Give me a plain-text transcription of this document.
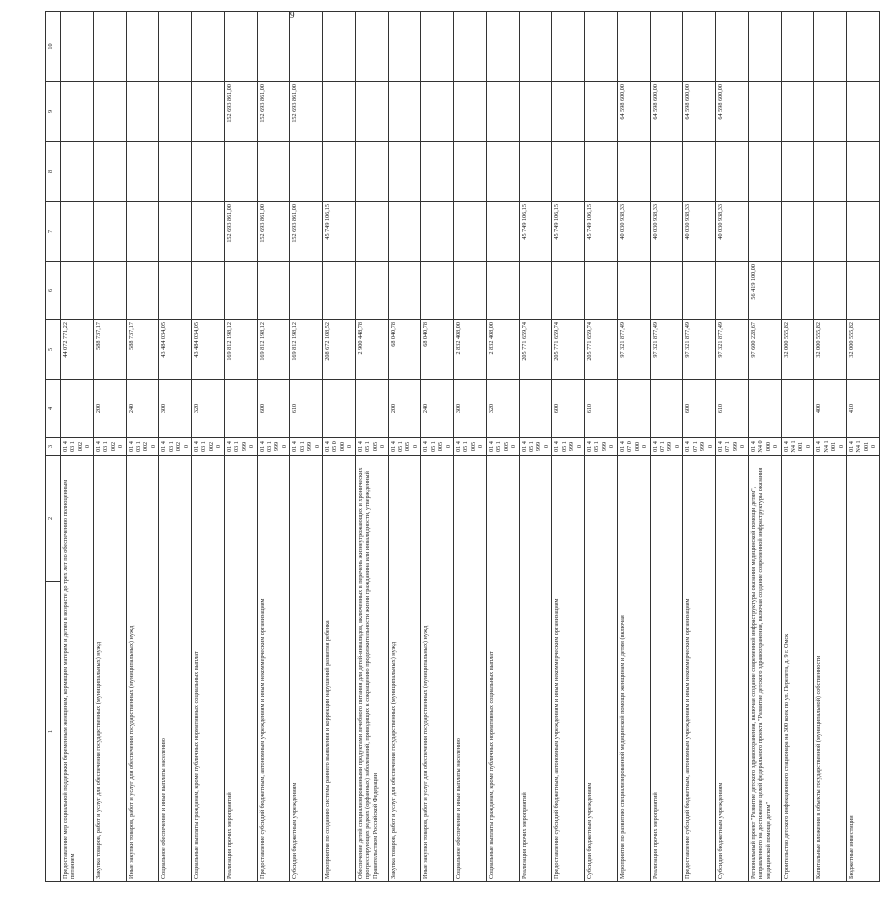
9
1	2	3	4	5	6	7	8	9	10
Предоставление мер социальной поддержки беременным женщинам, кормящим матерям и детям в возрасте до трех лет по обеспечению полноценным питанием		01 4 03 1 002 0		44 072 771,22					
Закупка товаров, работ и услуг для обеспечения государственных (муниципальных) нужд		01 4 03 1 002 0	200	588 737,17					
Иные закупки товаров, работ и услуг для обеспечения государственных (муниципальных) нужд		01 4 03 1 002 0	240	588 737,17					
Социальное обеспечение и иные выплаты населению		01 4 03 1 002 0	300	43 484 034,05					
Социальные выплаты гражданам, кроме публичных нормативных социальных выплат		01 4 03 1 002 0	320	43 484 034,05					
Реализация прочих мероприятий		01 4 03 1 999 0		169 812 198,12		152 693 861,00		152 693 861,00	
Предоставление субсидий бюджетным, автономным учреждениям и иным некоммерческим организациям		01 4 03 1 999 0	600	169 812 198,12		152 693 861,00		152 693 861,00	
Субсидии бюджетным учреждениям		01 4 03 1 999 0	610	169 812 198,12		152 693 861,00		152 693 861,00	
Мероприятия по созданию системы раннего выявления и коррекции нарушений развития ребенка		01 4 05 0 000 0		208 672 108,52		45 749 106,15			
Обеспечение детей специализированными продуктами лечебного питания для детей-инвалидов, включенных в перечень жизнеугрожающих и хронических прогрессирующих редких (орфанных) заболеваний, приводящих к сокращению продолжительности жизни гражданина или инвалидности, утвержденный Правительством Российской Федерации		01 4 05 1 005 0		2 900 448,78					
Закупка товаров, работ и услуг для обеспечения государственных (муниципальных) нужд		01 4 05 1 005 0	200	68 040,78					
Иные закупки товаров, работ и услуг для обеспечения государственных (муниципальных) нужд		01 4 05 1 005 0	240	68 040,78					
Социальное обеспечение и иные выплаты населению		01 4 05 1 005 0	300	2 832 408,00					
Социальные выплаты гражданам, кроме публичных нормативных социальных выплат		01 4 05 1 005 0	320	2 832 408,00					
Реализация прочих мероприятий		01 4 05 1 999 0		205 771 659,74		45 749 106,15			
Предоставление субсидий бюджетным, автономным учреждениям и иным некоммерческим организациям		01 4 05 1 999 0	600	205 771 659,74		45 749 106,15			
Субсидии бюджетным учреждениям		01 4 05 1 999 0	610	205 771 659,74		45 749 106,15			
Мероприятия по развитию специализированной медицинской помощи женщинам и детям (включая		01 4 07 0 000 0		97 321 877,49		40 030 938,33		64 598 600,00	
Реализация прочих мероприятий		01 4 07 1 999 0		97 321 877,49		40 030 938,33		64 598 600,00	
Предоставление субсидий бюджетным, автономным учреждениям и иным некоммерческим организациям		01 4 07 1 999 0	600	97 321 877,49		40 030 938,33		64 598 600,00	
Субсидии бюджетным учреждениям		01 4 07 1 999 0	610	97 321 877,49		40 030 938,33		64 598 600,00	
Региональный проект "Развитие детского здравоохранения, включая создание современной инфраструктуры оказания медицинской помощи детям", направленного на достижение целей федерального проекта "Развитие детского здравоохранения, включая создание современной инфраструктуры оказания медицинской помощи детям"		01 4 N4 0 000 0		97 600 228,67	56 419 100,00				
Строительство детского инфекционного стационара на 300 коек по ул. Перелета, д. 9 г. Омск		01 4 N4 1 001 0		32 000 555,82					
Капитальные вложения в объекты государственной (муниципальной) собственности		01 4 N4 1 001 0	400	32 000 555,82					
Бюджетные инвестиции		01 4 N4 1 001 0	410	32 000 555,82					
